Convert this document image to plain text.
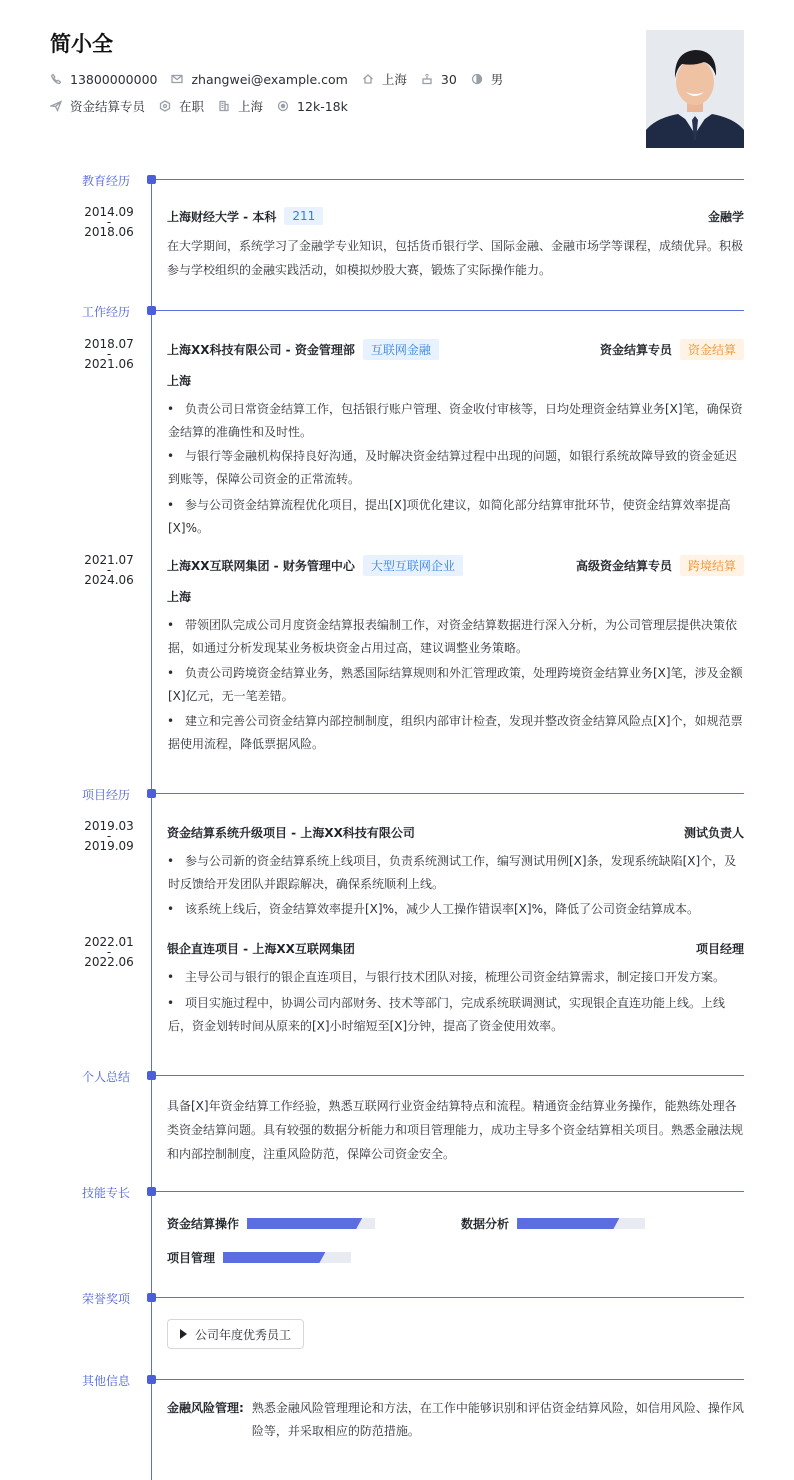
简小全
13800000000	zhangwei@example.com	上海	30	男
资金结算专员	在职	上海	12k-18k
教育经历
2014.09
-
2018.06
上海财经大学 - 本科	211	金融学
在大学期间，系统学习了金融学专业知识，包括货币银行学、国际金融、金融市场学等课程，成绩优异。积极参与学校组织的金融实践活动，如模拟炒股大赛，锻炼了实际操作能力。
工作经历
2018.07
-
2021.06
上海XX科技有限公司 - 资金管理部	互联网金融	资金结算专员	资金结算
上海
• 负责公司日常资金结算工作，包括银行账户管理、资金收付审核等，日均处理资金结算业务[X]笔，确保资金结算的准确性和及时性。
• 与银行等金融机构保持良好沟通，及时解决资金结算过程中出现的问题，如银行系统故障导致的资金延迟到账等，保障公司资金的正常流转。
• 参与公司资金结算流程优化项目，提出[X]项优化建议，如简化部分结算审批环节，使资金结算效率提高[X]%。
2021.07
-
2024.06
上海XX互联网集团 - 财务管理中心	大型互联网企业	高级资金结算专员	跨境结算
上海
• 带领团队完成公司月度资金结算报表编制工作，对资金结算数据进行深入分析，为公司管理层提供决策依据，如通过分析发现某业务板块资金占用过高，建议调整业务策略。
• 负责公司跨境资金结算业务，熟悉国际结算规则和外汇管理政策，处理跨境资金结算业务[X]笔，涉及金额[X]亿元，无一笔差错。
• 建立和完善公司资金结算内部控制制度，组织内部审计检查，发现并整改资金结算风险点[X]个，如规范票据使用流程，降低票据风险。
项目经历
2019.03
-
2019.09
资金结算系统升级项目 - 上海XX科技有限公司	测试负责人
• 参与公司新的资金结算系统上线项目，负责系统测试工作，编写测试用例[X]条，发现系统缺陷[X]个，及时反馈给开发团队并跟踪解决，确保系统顺利上线。
• 该系统上线后，资金结算效率提升[X]%，减少人工操作错误率[X]%，降低了公司资金结算成本。
2022.01
-
2022.06
银企直连项目 - 上海XX互联网集团	项目经理
• 主导公司与银行的银企直连项目，与银行技术团队对接，梳理公司资金结算需求，制定接口开发方案。
• 项目实施过程中，协调公司内部财务、技术等部门，完成系统联调测试，实现银企直连功能上线。上线后，资金划转时间从原来的[X]小时缩短至[X]分钟，提高了资金使用效率。
个人总结
具备[X]年资金结算工作经验，熟悉互联网行业资金结算特点和流程。精通资金结算业务操作，能熟练处理各类资金结算问题。具有较强的数据分析能力和项目管理能力，成功主导多个资金结算相关项目。熟悉金融法规和内部控制制度，注重风险防范，保障公司资金安全。
技能专长
资金结算操作	数据分析
项目管理
荣誉奖项
公司年度优秀员工
其他信息
金融风险管理: 熟悉金融风险管理理论和方法，在工作中能够识别和评估资金结算风险，如信用风险、操作风险等，并采取相应的防范措施。
